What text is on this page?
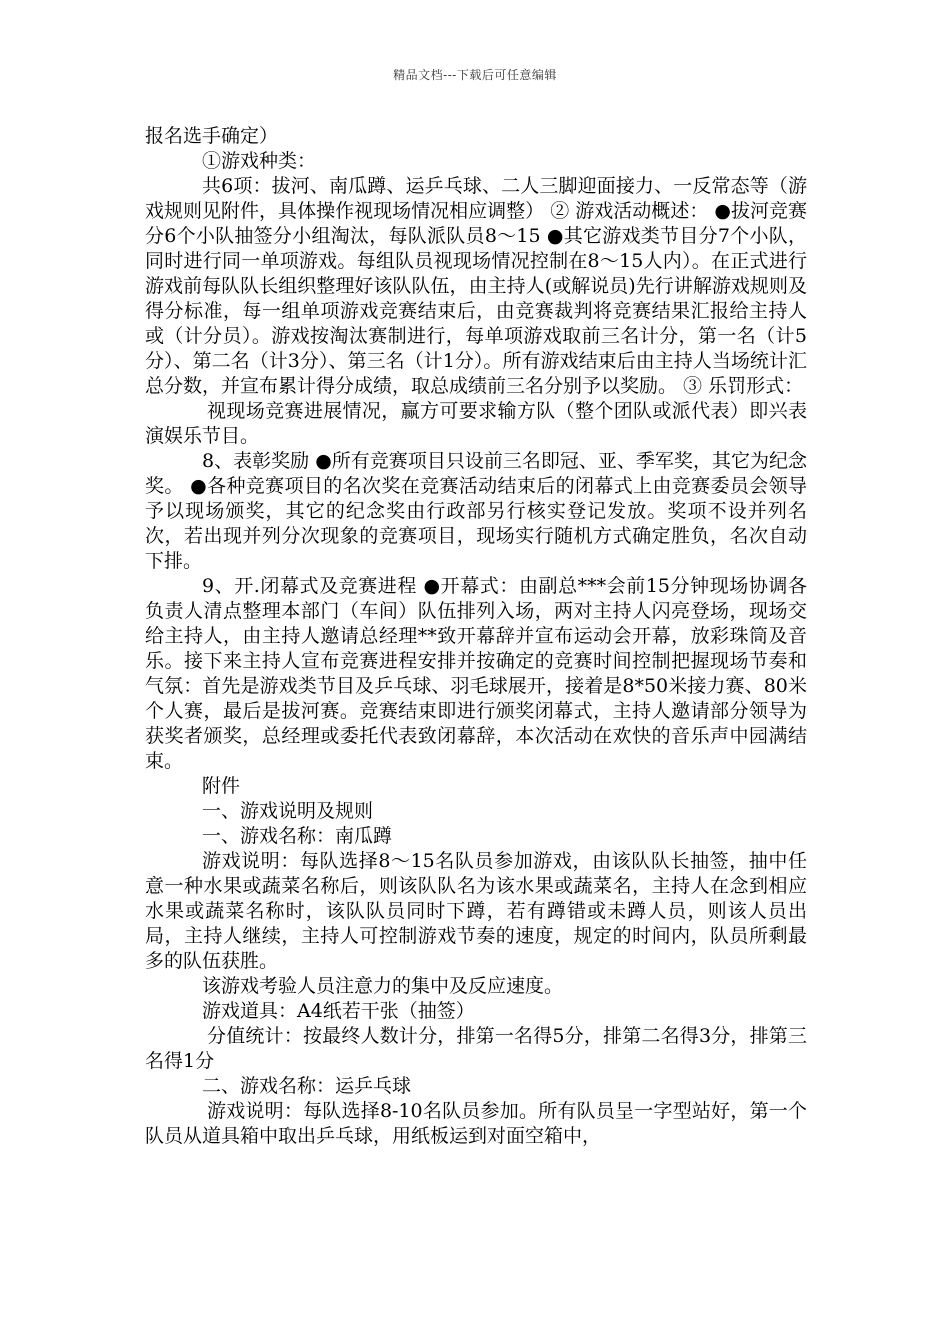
精品文档---下载后可任意编辑

报名选手确定）

①游戏种类：

共6项：拔河、南瓜蹲、运乒乓球、二人三脚迎面接力、一反常态等（游戏规则见附件，具体操作视现场情况相应调整） ② 游戏活动概述： ●拔河竞赛分6个小队抽签分小组淘汰，每队派队员8～15 ●其它游戏类节目分7个小队，同时进行同一单项游戏。每组队员视现场情况控制在8～15人内）。在正式进行游戏前每队队长组织整理好该队队伍，由主持人(或解说员)先行讲解游戏规则及得分标准，每一组单项游戏竞赛结束后，由竞赛裁判将竞赛结果汇报给主持人或（计分员）。游戏按淘汰赛制进行，每单项游戏取前三名计分，第一名（计5分）、第二名（计3分）、第三名（计1分）。所有游戏结束后由主持人当场统计汇总分数，并宣布累计得分成绩，取总成绩前三名分别予以奖励。 ③ 乐罚形式：

视现场竞赛进展情况，赢方可要求输方队（整个团队或派代表）即兴表演娱乐节目。

8、表彰奖励 ●所有竞赛项目只设前三名即冠、亚、季军奖，其它为纪念奖。 ●各种竞赛项目的名次奖在竞赛活动结束后的闭幕式上由竞赛委员会领导予以现场颁奖，其它的纪念奖由行政部另行核实登记发放。奖项不设并列名次，若出现并列分次现象的竞赛项目，现场实行随机方式确定胜负，名次自动下排。

9、开.闭幕式及竞赛进程 ●开幕式：由副总***会前15分钟现场协调各负责人清点整理本部门（车间）队伍排列入场，两对主持人闪亮登场，现场交给主持人，由主持人邀请总经理**致开幕辞并宣布运动会开幕，放彩珠筒及音乐。接下来主持人宣布竞赛进程安排并按确定的竞赛时间控制把握现场节奏和气氛：首先是游戏类节目及乒乓球、羽毛球展开，接着是8*50米接力赛、80米个人赛，最后是拔河赛。竞赛结束即进行颁奖闭幕式，主持人邀请部分领导为获奖者颁奖，总经理或委托代表致闭幕辞，本次活动在欢快的音乐声中园满结束。

附件

一、游戏说明及规则

一、游戏名称：南瓜蹲

游戏说明：每队选择8～15名队员参加游戏，由该队队长抽签，抽中任意一种水果或蔬菜名称后，则该队队名为该水果或蔬菜名，主持人在念到相应水果或蔬菜名称时，该队队员同时下蹲，若有蹲错或未蹲人员，则该人员出局，主持人继续，主持人可控制游戏节奏的速度，规定的时间内，队员所剩最多的队伍获胜。

该游戏考验人员注意力的集中及反应速度。

游戏道具：A4纸若干张（抽签）

分值统计：按最终人数计分，排第一名得5分，排第二名得3分，排第三名得1分

二、游戏名称：运乒乓球

游戏说明：每队选择8-10名队员参加。所有队员呈一字型站好，第一个队员从道具箱中取出乒乓球，用纸板运到对面空箱中，
